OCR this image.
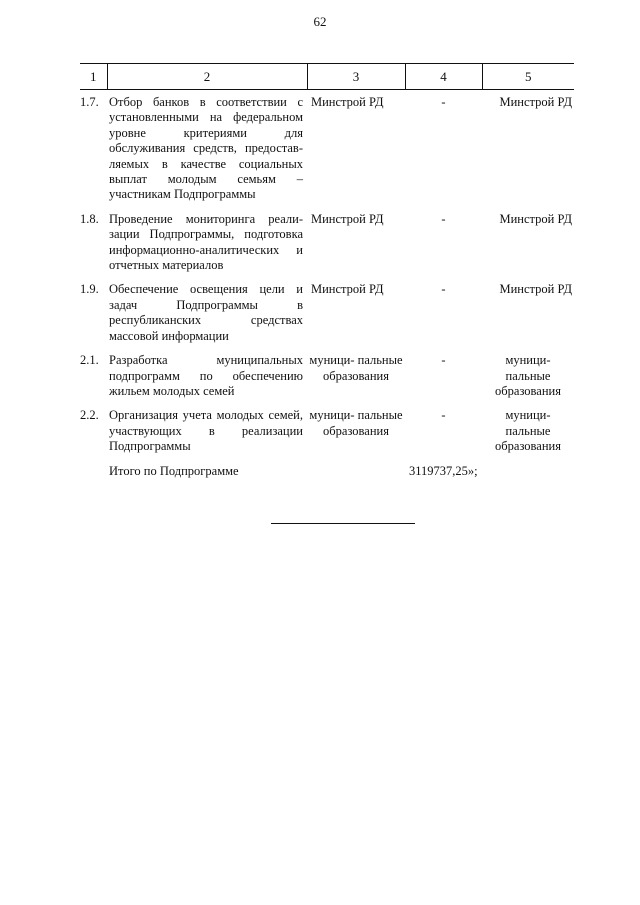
62
1	2	3	4	5
1.7.	Отбор банков в соответствии с установленными на федеральном уровне критериями для обслуживания средств, предостав- ляемых в качестве социальных выплат молодым семьям – участникам Подпрограммы	Минстрой РД	-	Минстрой РД
1.8.	Проведение мониторинга реали- зации Подпрограммы, подготовка информационно-аналитических и отчетных материалов	Минстрой РД	-	Минстрой РД
1.9.	Обеспечение освещения цели и задач Подпрограммы в республиканских средствах массовой информации	Минстрой РД	-	Минстрой РД
2.1.	Разработка муниципальных подпрограмм по обеспечению жильем молодых семей	муници- пальные образования	-	муници- пальные образования
2.2.	Организация учета молодых семей, участвующих в реализации Подпрограммы	муници- пальные образования	-	муници- пальные образования
	Итого по Подпрограмме		3119737,25»;	
